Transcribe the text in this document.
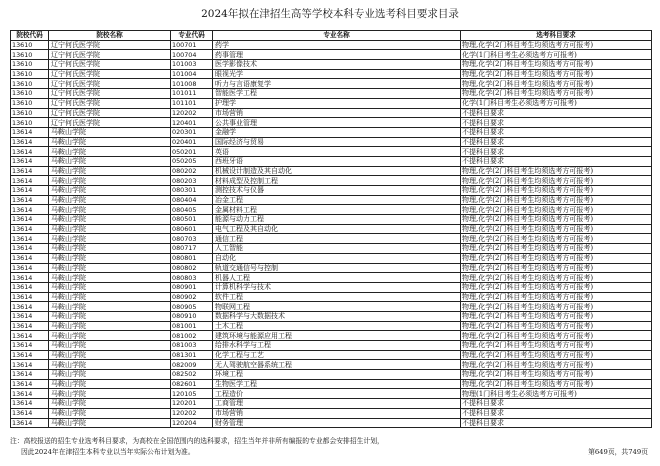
2024年拟在津招生高等学校本科专业选考科目要求目录
院校代码	院校名称	专业代码	专业名称	选考科目要求
13610	辽宁何氏医学院	100701	药学	物理,化学(2门科目考生均须选考方可报考)
13610	辽宁何氏医学院	100704	药事管理	化学(1门科目考生必须选考方可报考)
13610	辽宁何氏医学院	101003	医学影像技术	物理,化学(2门科目考生均须选考方可报考)
13610	辽宁何氏医学院	101004	眼视光学	物理,化学(2门科目考生均须选考方可报考)
13610	辽宁何氏医学院	101008	听力与言语康复学	物理,化学(2门科目考生均须选考方可报考)
13610	辽宁何氏医学院	101011	智能医学工程	物理,化学(2门科目考生均须选考方可报考)
13610	辽宁何氏医学院	101101	护理学	化学(1门科目考生必须选考方可报考)
13610	辽宁何氏医学院	120202	市场营销	不提科目要求
13610	辽宁何氏医学院	120401	公共事业管理	不提科目要求
13614	马鞍山学院	020301	金融学	不提科目要求
13614	马鞍山学院	020401	国际经济与贸易	不提科目要求
13614	马鞍山学院	050201	英语	不提科目要求
13614	马鞍山学院	050205	西班牙语	不提科目要求
13614	马鞍山学院	080202	机械设计制造及其自动化	物理,化学(2门科目考生均须选考方可报考)
13614	马鞍山学院	080203	材料成型及控制工程	物理,化学(2门科目考生均须选考方可报考)
13614	马鞍山学院	080301	测控技术与仪器	物理,化学(2门科目考生均须选考方可报考)
13614	马鞍山学院	080404	冶金工程	物理,化学(2门科目考生均须选考方可报考)
13614	马鞍山学院	080405	金属材料工程	物理,化学(2门科目考生均须选考方可报考)
13614	马鞍山学院	080501	能源与动力工程	物理,化学(2门科目考生均须选考方可报考)
13614	马鞍山学院	080601	电气工程及其自动化	物理,化学(2门科目考生均须选考方可报考)
13614	马鞍山学院	080703	通信工程	物理,化学(2门科目考生均须选考方可报考)
13614	马鞍山学院	080717	人工智能	物理,化学(2门科目考生均须选考方可报考)
13614	马鞍山学院	080801	自动化	物理,化学(2门科目考生均须选考方可报考)
13614	马鞍山学院	080802	轨道交通信号与控制	物理,化学(2门科目考生均须选考方可报考)
13614	马鞍山学院	080803	机器人工程	物理,化学(2门科目考生均须选考方可报考)
13614	马鞍山学院	080901	计算机科学与技术	物理,化学(2门科目考生均须选考方可报考)
13614	马鞍山学院	080902	软件工程	物理,化学(2门科目考生均须选考方可报考)
13614	马鞍山学院	080905	物联网工程	物理,化学(2门科目考生均须选考方可报考)
13614	马鞍山学院	080910	数据科学与大数据技术	物理,化学(2门科目考生均须选考方可报考)
13614	马鞍山学院	081001	土木工程	物理,化学(2门科目考生均须选考方可报考)
13614	马鞍山学院	081002	建筑环境与能源应用工程	物理,化学(2门科目考生均须选考方可报考)
13614	马鞍山学院	081003	给排水科学与工程	物理,化学(2门科目考生均须选考方可报考)
13614	马鞍山学院	081301	化学工程与工艺	物理,化学(2门科目考生均须选考方可报考)
13614	马鞍山学院	082009	无人驾驶航空器系统工程	物理,化学(2门科目考生均须选考方可报考)
13614	马鞍山学院	082502	环境工程	物理,化学(2门科目考生均须选考方可报考)
13614	马鞍山学院	082601	生物医学工程	物理,化学(2门科目考生均须选考方可报考)
13614	马鞍山学院	120105	工程造价	物理(1门科目考生必须选考方可报考)
13614	马鞍山学院	120201	工商管理	不提科目要求
13614	马鞍山学院	120202	市场营销	不提科目要求
13614	马鞍山学院	120204	财务管理	不提科目要求
注：高校报送的招生专业选考科目要求，为高校在全国范围内的选科要求，招生当年并非所有编报的专业都会安排招生计划，
因此2024年在津招生本科专业以当年实际公布计划为准。	第649页，共749页
